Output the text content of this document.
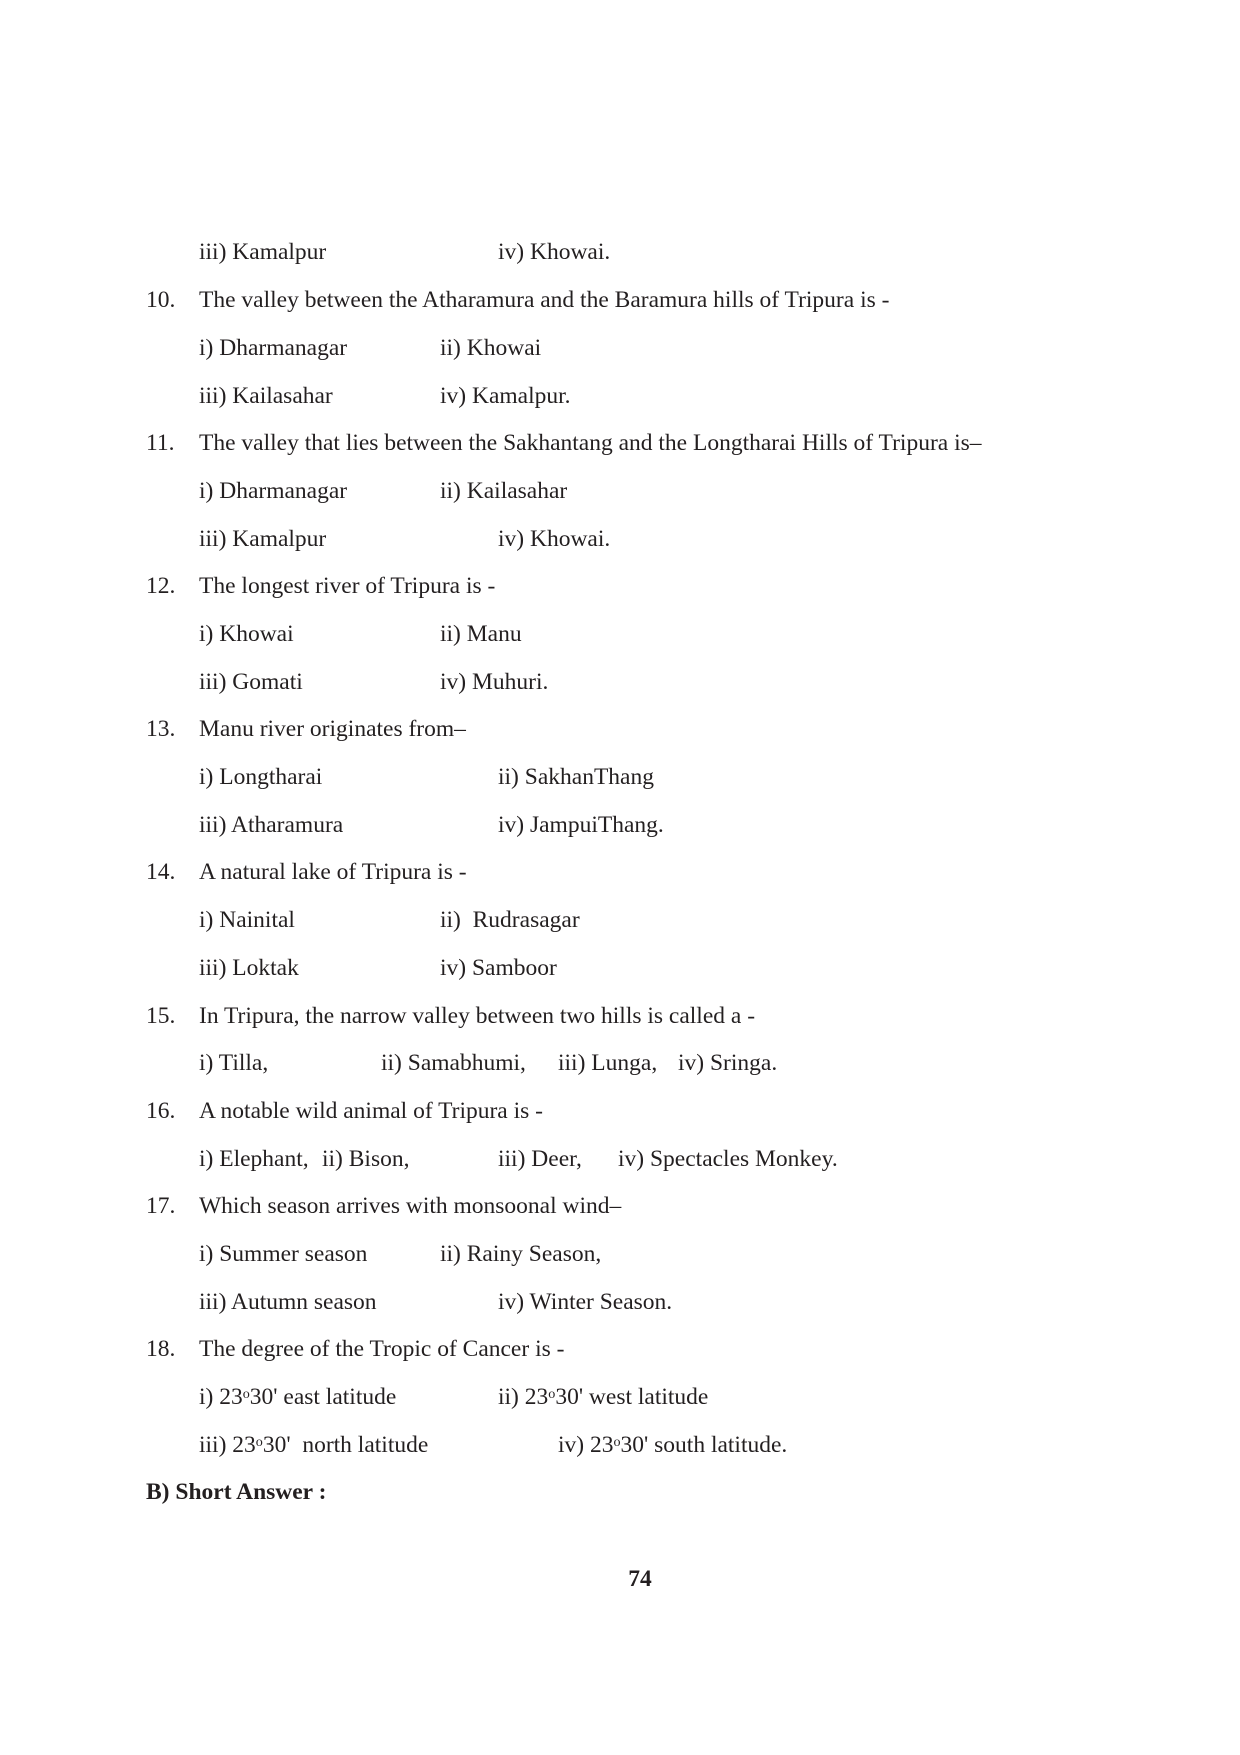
iii) Kamalpur	iv) Khowai.
10. The valley between the Atharamura and the Baramura hills of Tripura is -
i) Dharmanagar	ii) Khowai
iii) Kailasahar	iv) Kamalpur.
11. The valley that lies between the Sakhantang and the Longtharai Hills of Tripura is–
i) Dharmanagar	ii) Kailasahar
iii) Kamalpur	iv) Khowai.
12. The longest river of Tripura is -
i) Khowai	ii) Manu
iii) Gomati	iv) Muhuri.
13. Manu river originates from–
i) Longtharai	ii) SakhanThang
iii) Atharamura	iv) JampuiThang.
14. A natural lake of Tripura is -
i) Nainital	ii)  Rudrasagar
iii) Loktak	iv) Samboor
15. In Tripura, the narrow valley between two hills is called a -
i) Tilla,	ii) Samabhumi, iii) Lunga, iv) Sringa.
16. A notable wild animal of Tripura is -
i) Elephant, ii) Bison,	iii) Deer, iv) Spectacles Monkey.
17. Which season arrives with monsoonal wind–
i) Summer season	ii) Rainy Season,
iii) Autumn season	iv) Winter Season.
18. The degree of the Tropic of Cancer is -
i) 23$^o$30' east latitude	ii) 23$^o$30' west latitude
iii) 23$^o$30'  north latitude	iv) 23$^o$30' south latitude.
B) Short Answer :
74
